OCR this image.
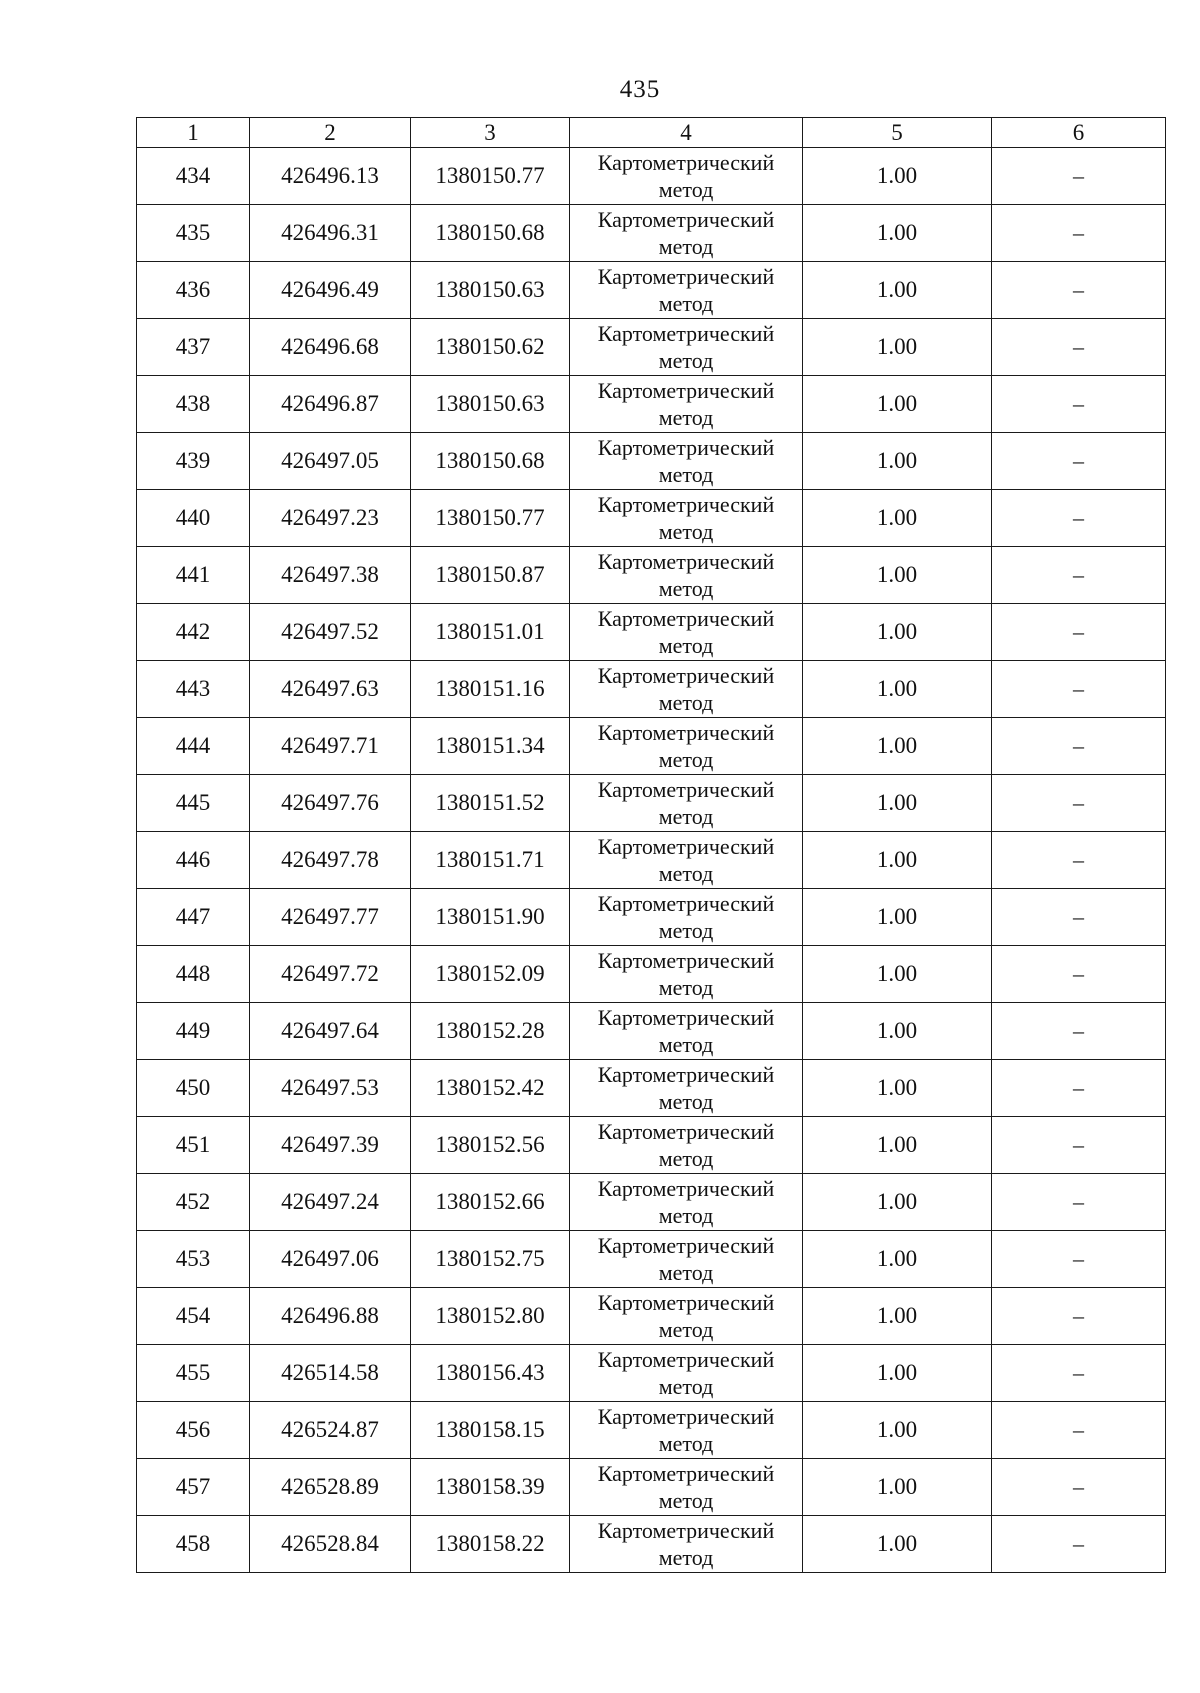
435
1	2	3	4	5	6
434	426496.13	1380150.77	Картометрический метод	1.00	–
435	426496.31	1380150.68	Картометрический метод	1.00	–
436	426496.49	1380150.63	Картометрический метод	1.00	–
437	426496.68	1380150.62	Картометрический метод	1.00	–
438	426496.87	1380150.63	Картометрический метод	1.00	–
439	426497.05	1380150.68	Картометрический метод	1.00	–
440	426497.23	1380150.77	Картометрический метод	1.00	–
441	426497.38	1380150.87	Картометрический метод	1.00	–
442	426497.52	1380151.01	Картометрический метод	1.00	–
443	426497.63	1380151.16	Картометрический метод	1.00	–
444	426497.71	1380151.34	Картометрический метод	1.00	–
445	426497.76	1380151.52	Картометрический метод	1.00	–
446	426497.78	1380151.71	Картометрический метод	1.00	–
447	426497.77	1380151.90	Картометрический метод	1.00	–
448	426497.72	1380152.09	Картометрический метод	1.00	–
449	426497.64	1380152.28	Картометрический метод	1.00	–
450	426497.53	1380152.42	Картометрический метод	1.00	–
451	426497.39	1380152.56	Картометрический метод	1.00	–
452	426497.24	1380152.66	Картометрический метод	1.00	–
453	426497.06	1380152.75	Картометрический метод	1.00	–
454	426496.88	1380152.80	Картометрический метод	1.00	–
455	426514.58	1380156.43	Картометрический метод	1.00	–
456	426524.87	1380158.15	Картометрический метод	1.00	–
457	426528.89	1380158.39	Картометрический метод	1.00	–
458	426528.84	1380158.22	Картометрический метод	1.00	–
